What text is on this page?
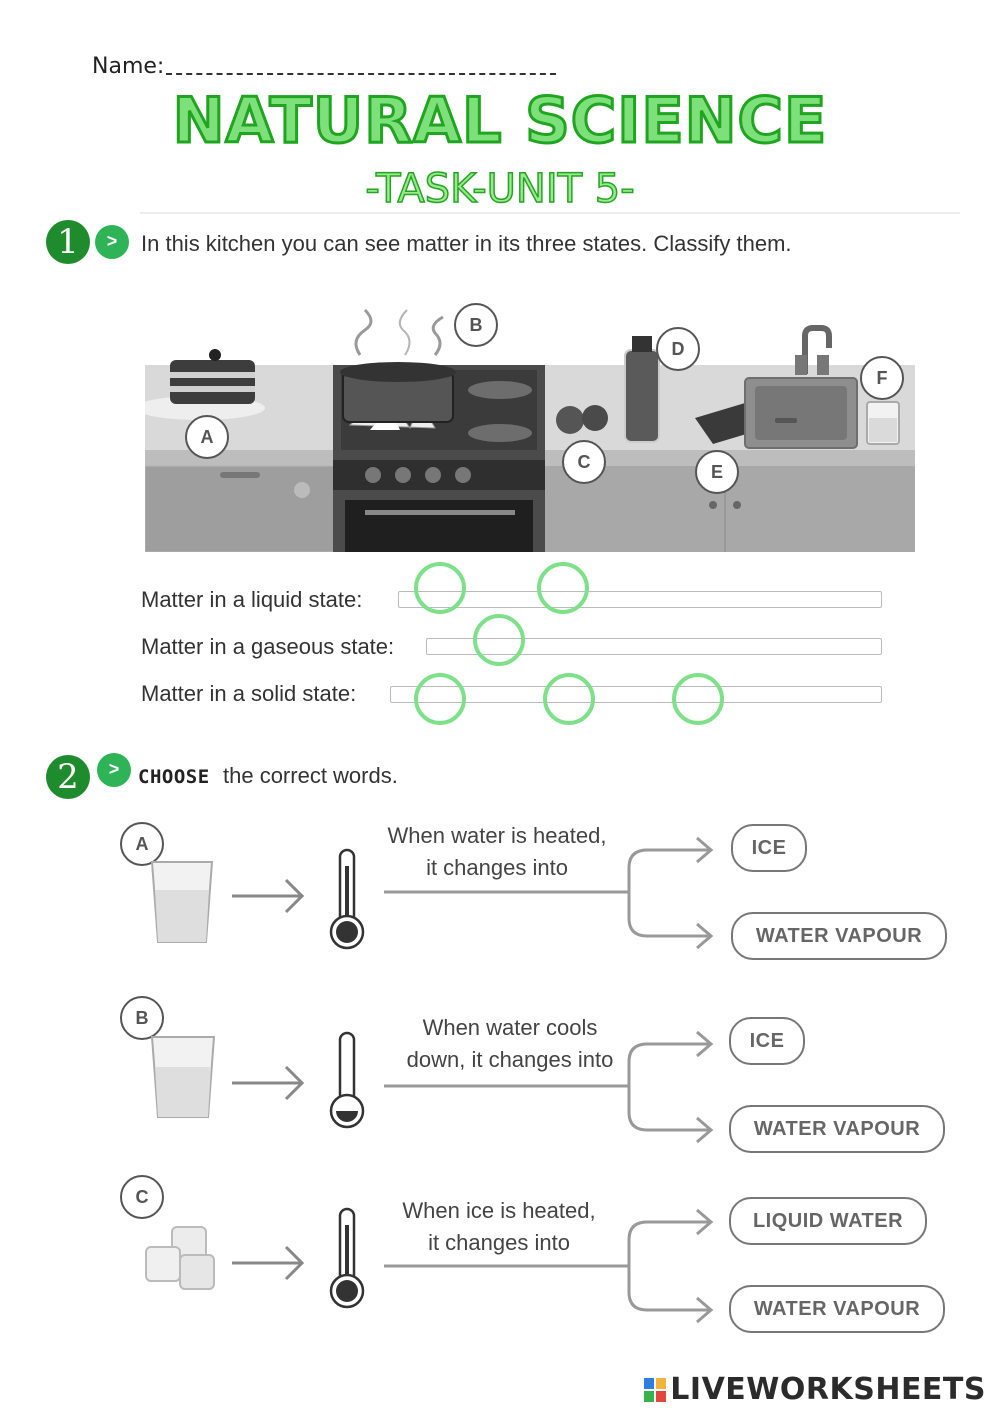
Name:
NATURAL SCIENCE
-TASK-UNIT 5-
1	>	In this kitchen you can see matter in its three states. Classify them.
A
B
C
D
E
F
Matter in a liquid state:
Matter in a gaseous state:
Matter in a solid state:
2	> CHOOSE the correct words.
A	When water is heated,
it changes into
ICE
WATER VAPOUR
B	When water cools
down, it changes into
ICE
WATER VAPOUR
C
When ice is heated,
it changes into
LIQUID WATER
WATER VAPOUR
LIVEWORKSHEETS
